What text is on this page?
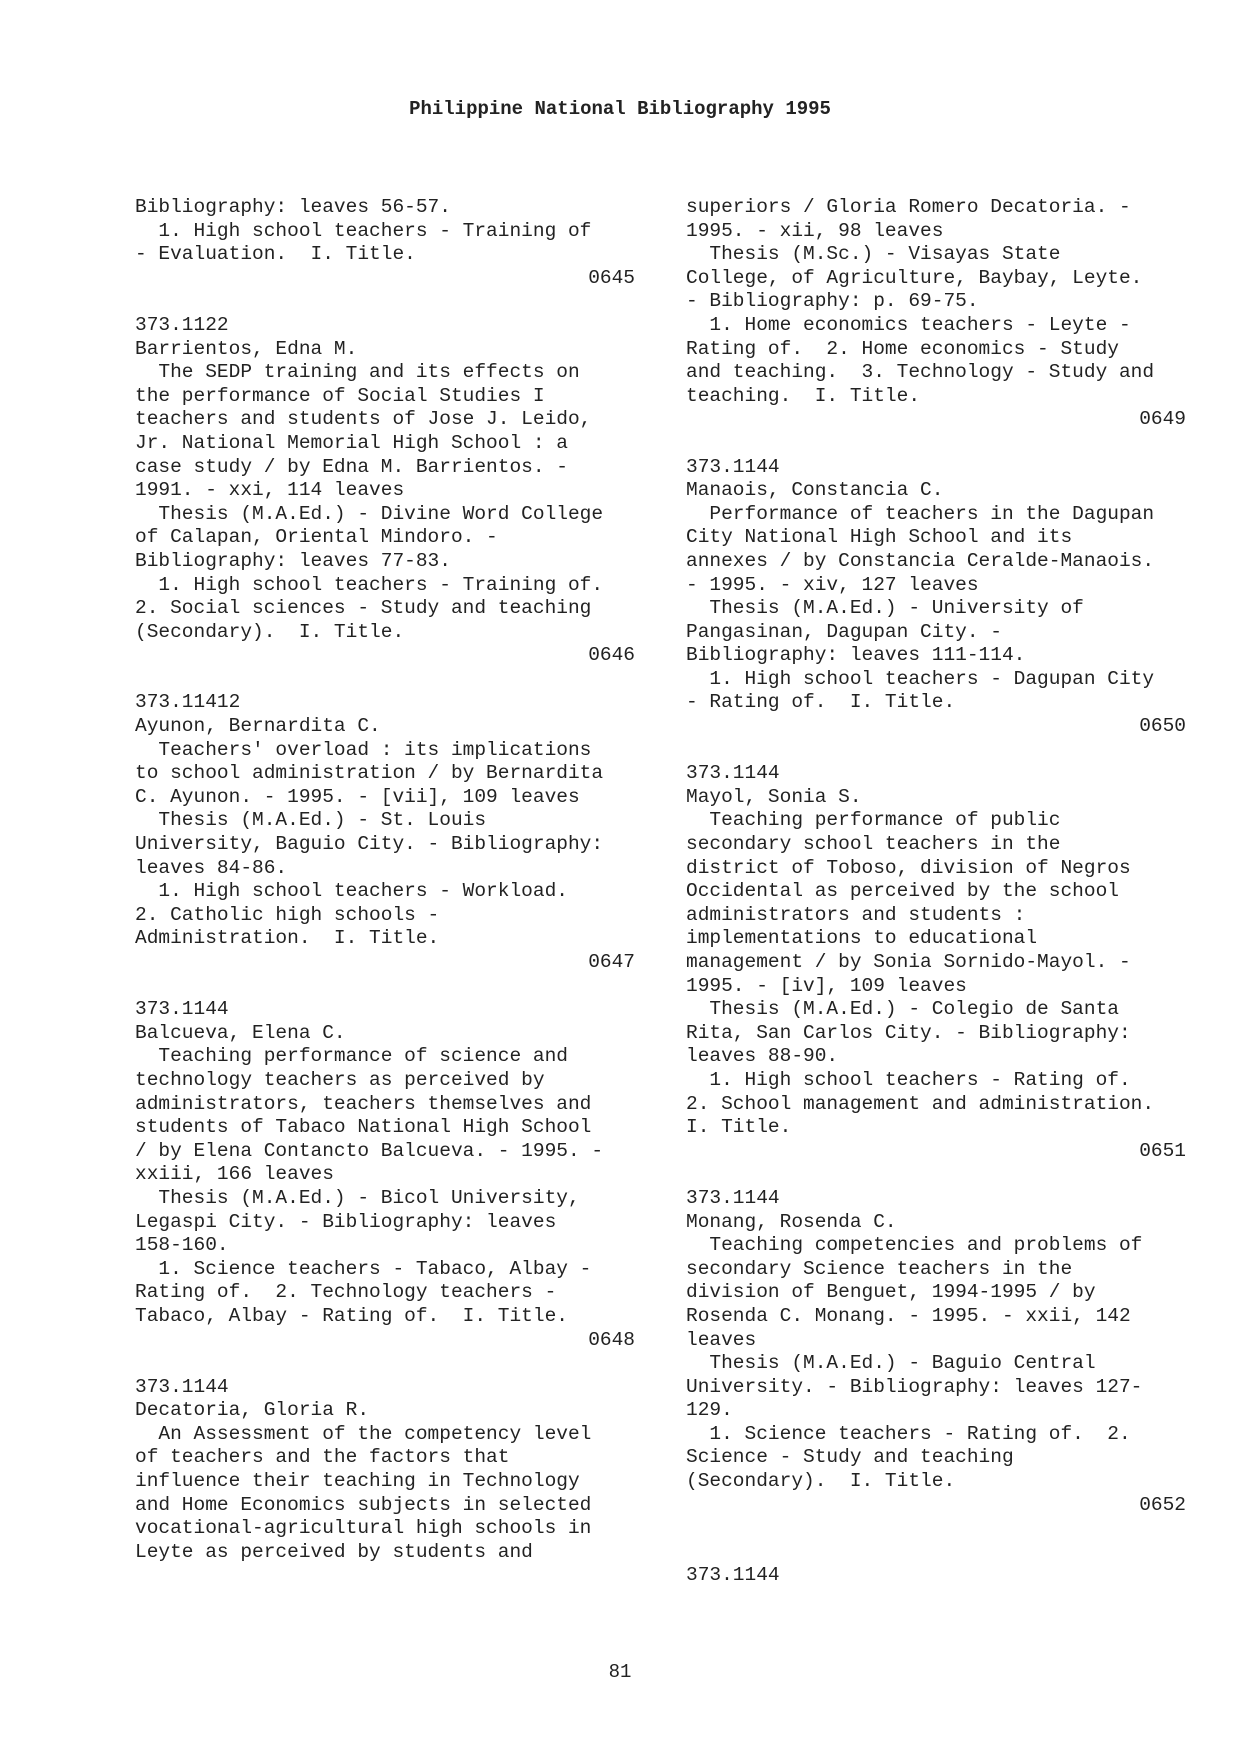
Philippine National Bibliography 1995
Bibliography: leaves 56-57.
1. High school teachers - Training of
- Evaluation.  I. Title.
0645
373.1122
Barrientos, Edna M.
The SEDP training and its effects on
the performance of Social Studies I
teachers and students of Jose J. Leido,
Jr. National Memorial High School : a
case study / by Edna M. Barrientos. -
1991. - xxi, 114 leaves
Thesis (M.A.Ed.) - Divine Word College
of Calapan, Oriental Mindoro. -
Bibliography: leaves 77-83.
1. High school teachers - Training of.
2. Social sciences - Study and teaching
(Secondary).  I. Title.
0646
373.11412
Ayunon, Bernardita C.
Teachers' overload : its implications
to school administration / by Bernardita
C. Ayunon. - 1995. - [vii], 109 leaves
Thesis (M.A.Ed.) - St. Louis
University, Baguio City. - Bibliography:
leaves 84-86.
1. High school teachers - Workload.
2. Catholic high schools -
Administration.  I. Title.
0647
373.1144
Balcueva, Elena C.
Teaching performance of science and
technology teachers as perceived by
administrators, teachers themselves and
students of Tabaco National High School
/ by Elena Contancto Balcueva. - 1995. -
xxiii, 166 leaves
Thesis (M.A.Ed.) - Bicol University,
Legaspi City. - Bibliography: leaves
158-160.
1. Science teachers - Tabaco, Albay -
Rating of.  2. Technology teachers -
Tabaco, Albay - Rating of.  I. Title.
0648
373.1144
Decatoria, Gloria R.
An Assessment of the competency level
of teachers and the factors that
influence their teaching in Technology
and Home Economics subjects in selected
vocational-agricultural high schools in
Leyte as perceived by students and
superiors / Gloria Romero Decatoria. -
1995. - xii, 98 leaves
Thesis (M.Sc.) - Visayas State
College, of Agriculture, Baybay, Leyte.
- Bibliography: p. 69-75.
1. Home economics teachers - Leyte -
Rating of.  2. Home economics - Study
and teaching.  3. Technology - Study and
teaching.  I. Title.
0649
373.1144
Manaois, Constancia C.
Performance of teachers in the Dagupan
City National High School and its
annexes / by Constancia Ceralde-Manaois.
- 1995. - xiv, 127 leaves
Thesis (M.A.Ed.) - University of
Pangasinan, Dagupan City. -
Bibliography: leaves 111-114.
1. High school teachers - Dagupan City
- Rating of.  I. Title.
0650
373.1144
Mayol, Sonia S.
Teaching performance of public
secondary school teachers in the
district of Toboso, division of Negros
Occidental as perceived by the school
administrators and students :
implementations to educational
management / by Sonia Sornido-Mayol. -
1995. - [iv], 109 leaves
Thesis (M.A.Ed.) - Colegio de Santa
Rita, San Carlos City. - Bibliography:
leaves 88-90.
1. High school teachers - Rating of.
2. School management and administration.
I. Title.
0651
373.1144
Monang, Rosenda C.
Teaching competencies and problems of
secondary Science teachers in the
division of Benguet, 1994-1995 / by
Rosenda C. Monang. - 1995. - xxii, 142
leaves
Thesis (M.A.Ed.) - Baguio Central
University. - Bibliography: leaves 127-
129.
1. Science teachers - Rating of.  2.
Science - Study and teaching
(Secondary).  I. Title.
0652
373.1144
81
